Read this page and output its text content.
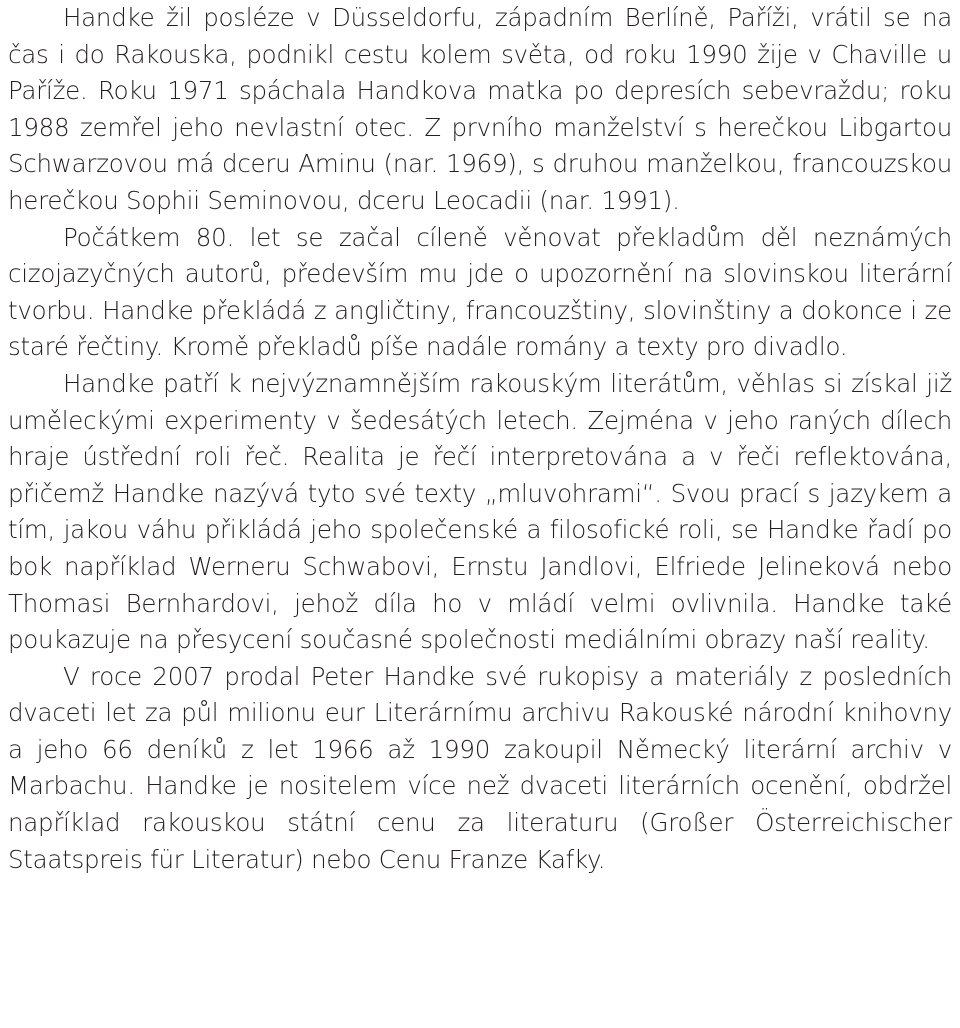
Handke žil posléze v Düsseldorfu, západním Berlíně, Paříži, vrátil se na čas i do Rakouska, podnikl cestu kolem světa, od roku 1990 žije v Chaville u Paříže. Roku 1971 spáchala Handkova matka po depresích sebevraždu; roku 1988 zemřel jeho nevlastní otec. Z prvního manželství s herečkou Libgartou Schwarzovou má dceru Aminu (nar. 1969), s druhou manželkou, francouzskou herečkou Sophii Seminovou, dceru Leocadii (nar. 1991).

Počátkem 80. let se začal cíleně věnovat překladům děl neznámých cizojazyčných autorů, především mu jde o upozornění na slovinskou literární tvorbu. Handke překládá z angličtiny, francouzštiny, slovinštiny a dokonce i ze staré řečtiny. Kromě překladů píše nadále romány a texty pro divadlo.

Handke patří k nejvýznamnějším rakouským literátům, věhlas si získal již uměleckými experimenty v šedesátých letech. Zejména v jeho raných dílech hraje ústřední roli řeč. Realita je řečí interpretována a v řeči reflektována, přičemž Handke nazývá tyto své texty „mluvohrami“. Svou prací s jazykem a tím, jakou váhu přikládá jeho společenské a filosofické roli, se Handke řadí po bok například Werneru Schwabovi, Ernstu Jandlovi, Elfriede Jelineková nebo Thomasi Bernhardovi, jehož díla ho v mládí velmi ovlivnila. Handke také poukazuje na přesycení současné společnosti mediálními obrazy naší reality.

V roce 2007 prodal Peter Handke své rukopisy a materiály z posledních dvaceti let za půl milionu eur Literárnímu archivu Rakouské národní knihovny a jeho 66 deníků z let 1966 až 1990 zakoupil Německý literární archiv v Marbachu. Handke je nositelem více než dvaceti literárních ocenění, obdržel například rakouskou státní cenu za literaturu (Großer Österreichischer Staatspreis für Literatur) nebo Cenu Franze Kafky.
